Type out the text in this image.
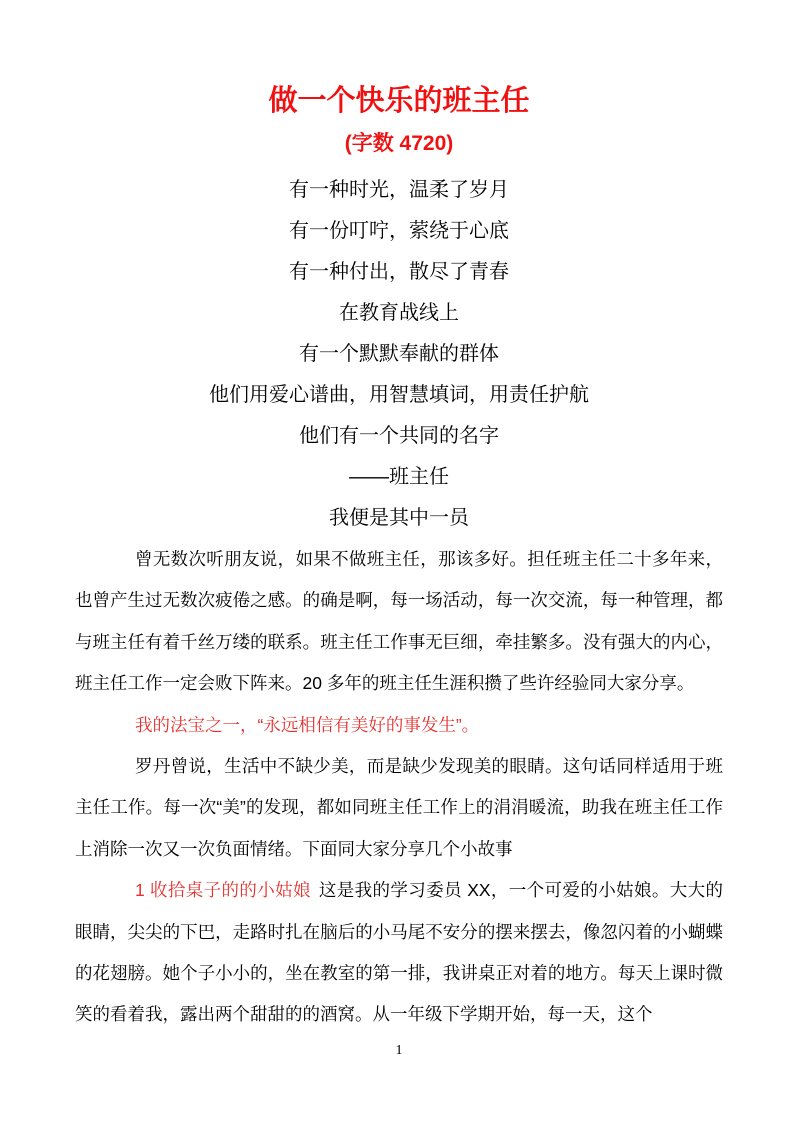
做一个快乐的班主任
(字数 4720)
有一种时光，温柔了岁月
有一份叮咛，萦绕于心底
有一种付出，散尽了青春
在教育战线上
有一个默默奉献的群体
他们用爱心谱曲，用智慧填词，用责任护航
他们有一个共同的名字
——班主任
我便是其中一员

曾无数次听朋友说，如果不做班主任，那该多好。担任班主任二十多年来，也曾产生过无数次疲倦之感。的确是啊，每一场活动，每一次交流，每一种管理，都与班主任有着千丝万缕的联系。班主任工作事无巨细，牵挂繁多。没有强大的内心，班主任工作一定会败下阵来。20 多年的班主任生涯积攒了些许经验同大家分享。

我的法宝之一，“永远相信有美好的事发生”。

罗丹曾说，生活中不缺少美，而是缺少发现美的眼睛。这句话同样适用于班主任工作。每一次“美”的发现，都如同班主任工作上的涓涓暖流，助我在班主任工作上消除一次又一次负面情绪。下面同大家分享几个小故事

1 收拾桌子的的小姑娘 这是我的学习委员 XX，一个可爱的小姑娘。大大的眼睛，尖尖的下巴，走路时扎在脑后的小马尾不安分的摆来摆去，像忽闪着的小蝴蝶的花翅膀。她个子小小的，坐在教室的第一排，我讲桌正对着的地方。每天上课时微笑的看着我，露出两个甜甜的的酒窝。从一年级下学期开始，每一天，这个

1
